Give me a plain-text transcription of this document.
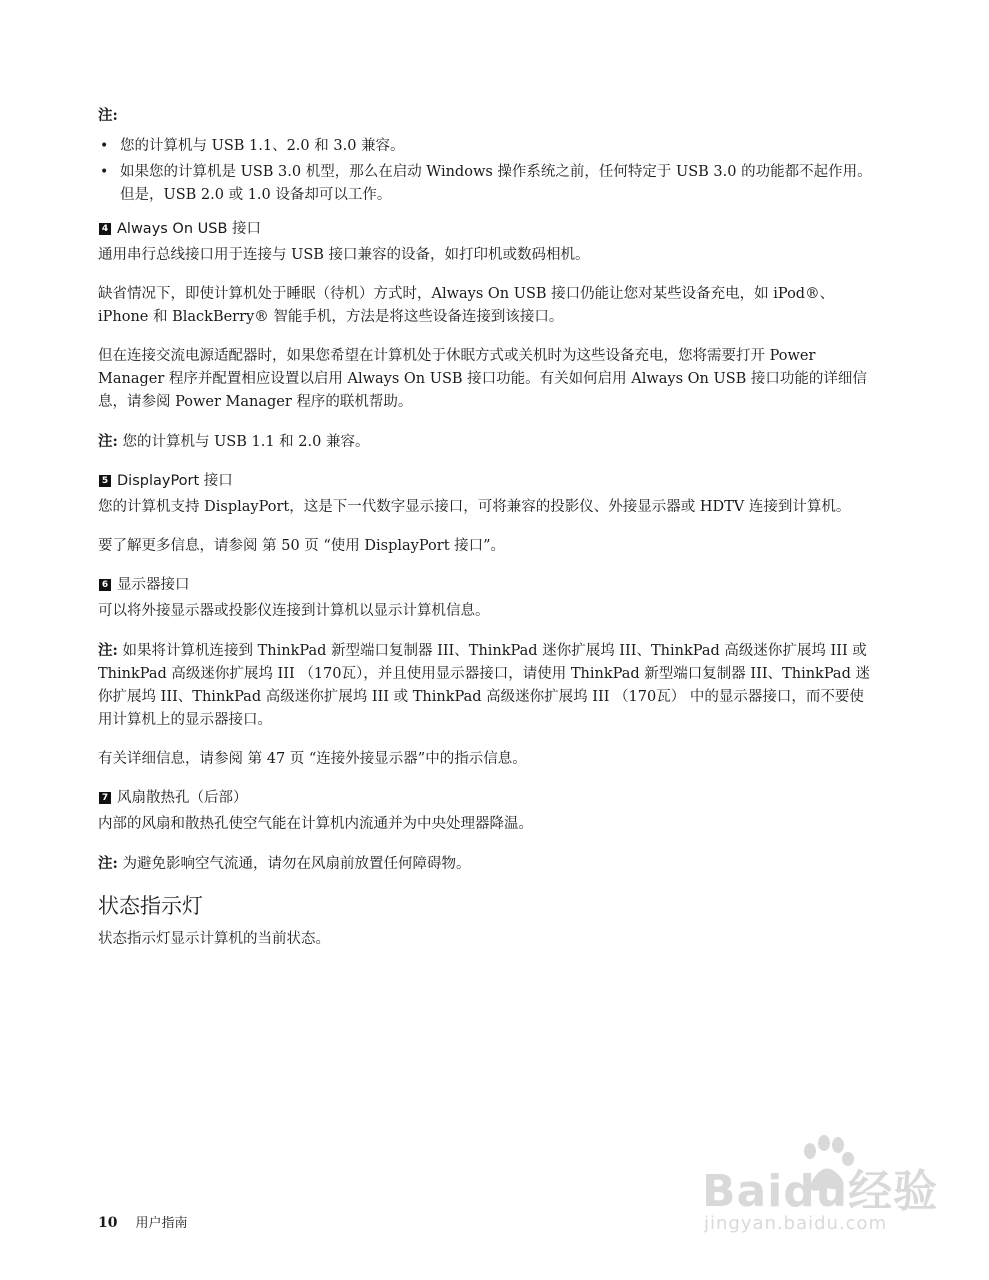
注:
• 您的计算机与 USB 1.1、2.0 和 3.0 兼容。
• 如果您的计算机是 USB 3.0 机型，那么在启动 Windows 操作系统之前，任何特定于 USB 3.0 的功能都不起作用。但是，USB 2.0 或 1.0 设备却可以工作。
4 Always On USB 接口

通用串行总线接口用于连接与 USB 接口兼容的设备，如打印机或数码相机。

缺省情况下，即使计算机处于睡眠（待机）方式时，Always On USB 接口仍能让您对某些设备充电，如 iPod®、iPhone 和 BlackBerry® 智能手机，方法是将这些设备连接到该接口。

但在连接交流电源适配器时，如果您希望在计算机处于休眠方式或关机时为这些设备充电，您将需要打开 Power Manager 程序并配置相应设置以启用 Always On USB 接口功能。有关如何启用 Always On USB 接口功能的详细信息，请参阅 Power Manager 程序的联机帮助。

注: 您的计算机与 USB 1.1 和 2.0 兼容。

5 DisplayPort 接口

您的计算机支持 DisplayPort，这是下一代数字显示接口，可将兼容的投影仪、外接显示器或 HDTV 连接到计算机。

要了解更多信息，请参阅 第 50 页 “使用 DisplayPort 接口”。

6 显示器接口

可以将外接显示器或投影仪连接到计算机以显示计算机信息。

注: 如果将计算机连接到 ThinkPad 新型端口复制器 III、ThinkPad 迷你扩展坞 III、ThinkPad 高级迷你扩展坞 III 或 ThinkPad 高级迷你扩展坞 III （170瓦），并且使用显示器接口，请使用 ThinkPad 新型端口复制器 III、ThinkPad 迷你扩展坞 III、ThinkPad 高级迷你扩展坞 III 或 ThinkPad 高级迷你扩展坞 III （170瓦） 中的显示器接口，而不要使用计算机上的显示器接口。

有关详细信息，请参阅 第 47 页 “连接外接显示器”中的指示信息。

7 风扇散热孔（后部）

内部的风扇和散热孔使空气能在计算机内流通并为中央处理器降温。

注: 为避免影响空气流通，请勿在风扇前放置任何障碍物。

状态指示灯

状态指示灯显示计算机的当前状态。

10 用户指南
Baidu经验
jingyan.baidu.com
